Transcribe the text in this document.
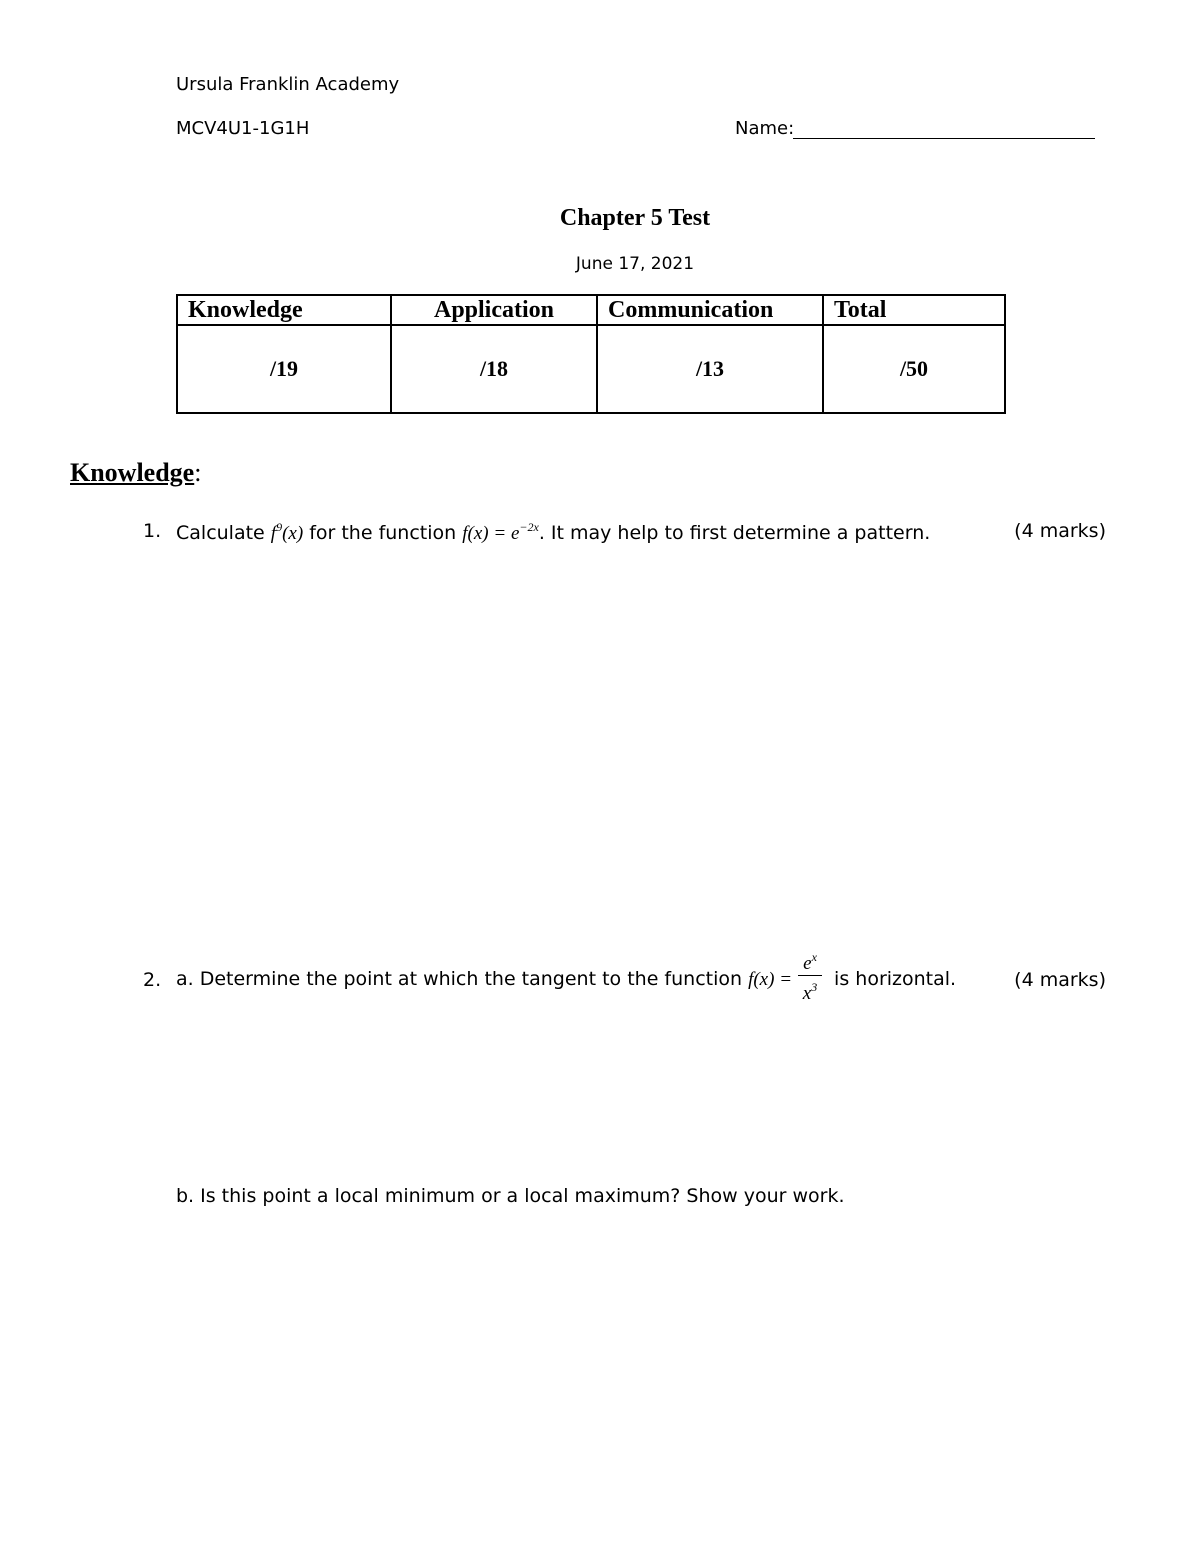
Ursula Franklin Academy
MCV4U1-1G1H	Name:
Chapter 5 Test
June 17, 2021
Knowledge	Application	Communication	Total
/19	/18	/13	/50
Knowledge:
1. Calculate $f^9(x)$ for the function $f(x) = e^{-2x}$. It may help to first determine a pattern.	(4 marks)
2. a. Determine the point at which the tangent to the function $f(x) = \frac{e^x}{x^3}$ is horizontal.	(4 marks)
b. Is this point a local minimum or a local maximum? Show your work.
